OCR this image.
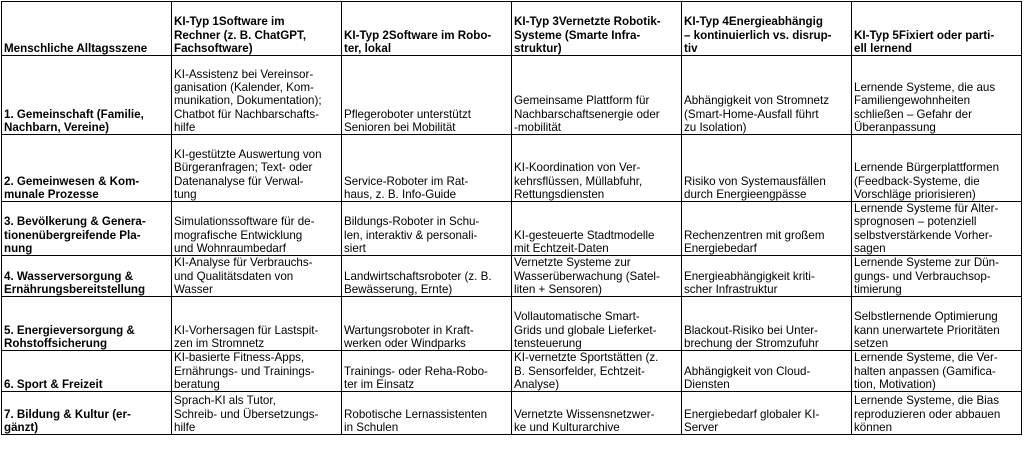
Menschliche Alltagsszene	KI-Typ 1Software im
Rechner (z. B. ChatGPT,
Fachsoftware)	KI-Typ 2Software im Robo-
ter, lokal	KI-Typ 3Vernetzte Robotik-
Systeme (Smarte Infra-
struktur)	KI-Typ 4Energieabhängig
– kontinuierlich vs. disrup-
tiv	KI-Typ 5Fixiert oder parti-
ell lernend

1. Gemeinschaft (Familie,
Nachbarn, Vereine)	KI-Assistenz bei Vereinsor-
ganisation (Kalender, Kom-
munikation, Dokumentation);
Chatbot für Nachbarschafts-
hilfe	Pflegeroboter unterstützt
Senioren bei Mobilität	Gemeinsame Plattform für
Nachbarschaftsenergie oder
-mobilität	Abhängigkeit von Stromnetz
(Smart-Home-Ausfall führt
zu Isolation)	Lernende Systeme, die aus
Familiengewohnheiten
schließen – Gefahr der
Überanpassung

2. Gemeinwesen & Kom-
munale Prozesse	KI-gestützte Auswertung von
Bürgeranfragen; Text- oder
Datenanalyse für Verwal-
tung	Service-Roboter im Rat-
haus, z. B. Info-Guide	KI-Koordination von Ver-
kehrsflüssen, Müllabfuhr,
Rettungsdiensten	Risiko von Systemausfällen
durch Energieengpässe	Lernende Bürgerplattformen
(Feedback-Systeme, die
Vorschläge priorisieren)

3. Bevölkerung & Genera-
tionenübergreifende Pla-
nung	Simulationssoftware für de-
mografische Entwicklung
und Wohnraumbedarf	Bildungs-Roboter in Schu-
len, interaktiv & personali-
siert	KI-gesteuerte Stadtmodelle
mit Echtzeit-Daten	Rechenzentren mit großem
Energiebedarf	Lernende Systeme für Alter-
sprognosen – potenziell
selbstverstärkende Vorher-
sagen

4. Wasserversorgung &
Ernährungsbereitstellung	KI-Analyse für Verbrauchs-
und Qualitätsdaten von
Wasser	Landwirtschaftsroboter (z. B.
Bewässerung, Ernte)	Vernetzte Systeme zur
Wasserüberwachung (Satel-
liten + Sensoren)	Energieabhängigkeit kriti-
scher Infrastruktur	Lernende Systeme zur Dün-
gungs- und Verbrauchsop-
timierung

5. Energieversorgung &
Rohstoffsicherung	KI-Vorhersagen für Lastspit-
zen im Stromnetz	Wartungsroboter in Kraft-
werken oder Windparks	Vollautomatische Smart-
Grids und globale Lieferket-
tensteuerung	Blackout-Risiko bei Unter-
brechung der Stromzufuhr	Selbstlernende Optimierung
kann unerwartete Prioritäten
setzen

6. Sport & Freizeit	KI-basierte Fitness-Apps,
Ernährungs- und Trainings-
beratung	Trainings- oder Reha-Robo-
ter im Einsatz	KI-vernetzte Sportstätten (z.
B. Sensorfelder, Echtzeit-
Analyse)	Abhängigkeit von Cloud-
Diensten	Lernende Systeme, die Ver-
halten anpassen (Gamifica-
tion, Motivation)

7. Bildung & Kultur (er-
gänzt)	Sprach-KI als Tutor,
Schreib- und Übersetzungs-
hilfe	Robotische Lernassistenten
in Schulen	Vernetzte Wissensnetzwer-
ke und Kulturarchive	Energiebedarf globaler KI-
Server	Lernende Systeme, die Bias
reproduzieren oder abbauen
können
